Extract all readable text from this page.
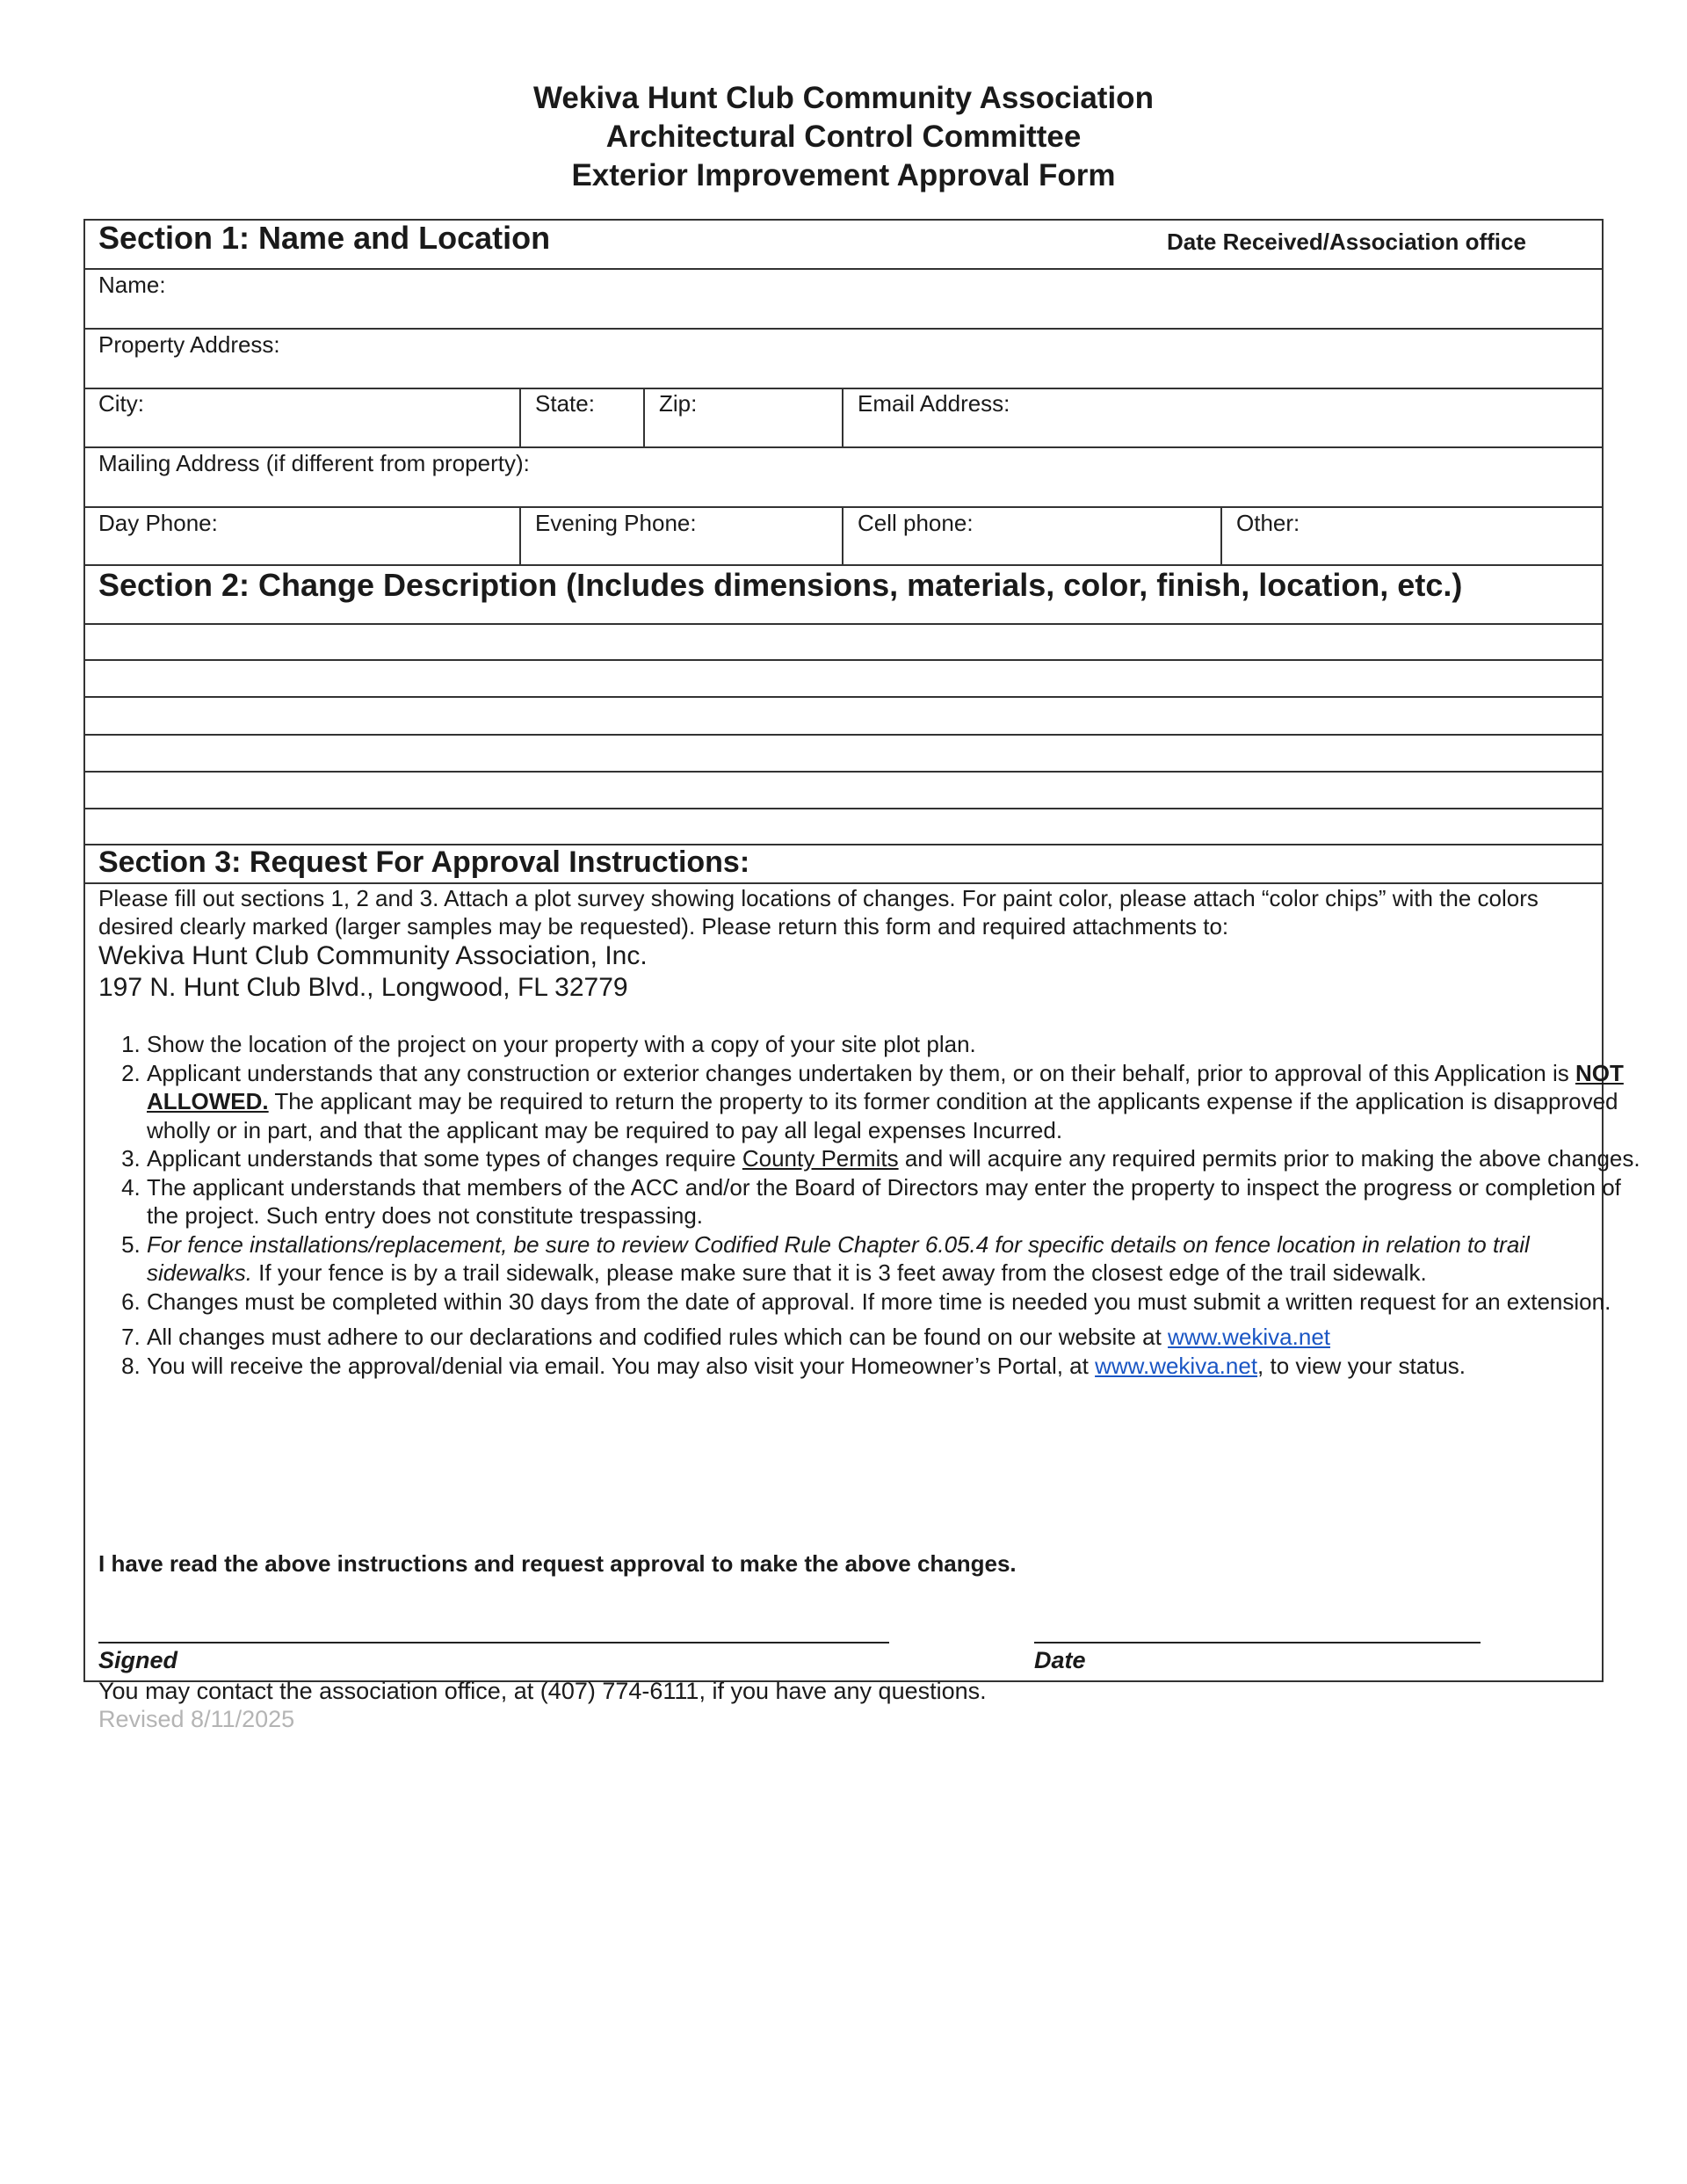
Wekiva Hunt Club Community Association
Architectural Control Committee
Exterior Improvement Approval Form
Section 1: Name and Location	Date Received/Association office
Name:
Property Address:
City:	State:	Zip:	Email Address:
Mailing Address (if different from property):
Day Phone:	Evening Phone:	Cell phone:	Other:
Section 2: Change Description (Includes dimensions, materials, color, finish, location, etc.)
Section 3: Request For Approval Instructions:
Please fill out sections 1, 2 and 3. Attach a plot survey showing locations of changes. For paint color, please attach “color chips” with the colors desired clearly marked (larger samples may be requested). Please return this form and required attachments to:
Wekiva Hunt Club Community Association, Inc.
197 N. Hunt Club Blvd., Longwood, FL 32779
1. Show the location of the project on your property with a copy of your site plot plan.
2. Applicant understands that any construction or exterior changes undertaken by them, or on their behalf, prior to approval of this Application is NOT ALLOWED. The applicant may be required to return the property to its former condition at the applicants expense if the application is disapproved wholly or in part, and that the applicant may be required to pay all legal expenses Incurred.
3. Applicant understands that some types of changes require County Permits and will acquire any required permits prior to making the above changes.
4. The applicant understands that members of the ACC and/or the Board of Directors may enter the property to inspect the progress or completion of the project. Such entry does not constitute trespassing.
5. For fence installations/replacement, be sure to review Codified Rule Chapter 6.05.4 for specific details on fence location in relation to trail sidewalks. If your fence is by a trail sidewalk, please make sure that it is 3 feet away from the closest edge of the trail sidewalk.
6. Changes must be completed within 30 days from the date of approval. If more time is needed you must submit a written request for an extension.
7. All changes must adhere to our declarations and codified rules which can be found on our website at www.wekiva.net
8. You will receive the approval/denial via email. You may also visit your Homeowner’s Portal, at www.wekiva.net, to view your status.
I have read the above instructions and request approval to make the above changes.
Signed	Date
You may contact the association office, at (407) 774-6111, if you have any questions.
Revised 8/11/2025
